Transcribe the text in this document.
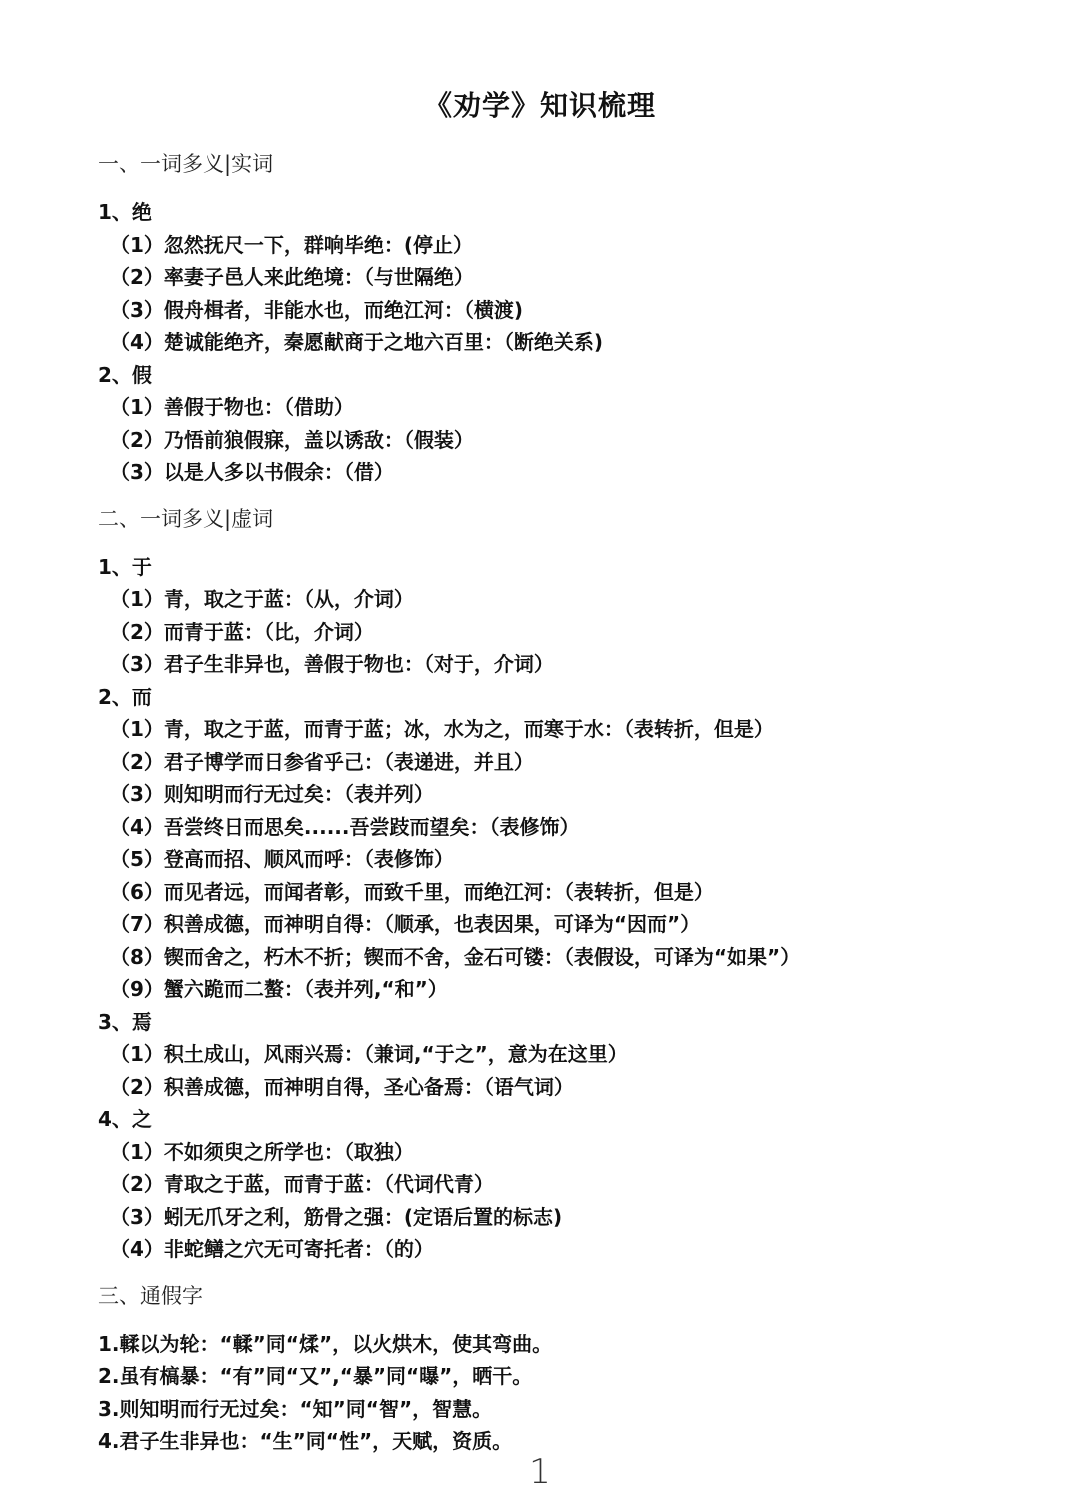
《劝学》知识梳理
一、一词多义|实词
1、绝
（1）忽然抚尺一下，群响毕绝：(停止）
（2）率妻子邑人来此绝境：（与世隔绝）
（3）假舟楫者，非能水也，而绝江河：（横渡)
（4）楚诚能绝齐，秦愿献商于之地六百里：（断绝关系)
2、假
（1）善假于物也：（借助）
（2）乃悟前狼假寐，盖以诱敌：（假装）
（3）以是人多以书假余：（借）
二、一词多义|虚词
1、于
（1）青，取之于蓝：（从，介词）
（2）而青于蓝：（比，介词）
（3）君子生非异也，善假于物也：（对于，介词）
2、而
（1）青，取之于蓝，而青于蓝；冰，水为之，而寒于水：（表转折，但是）
（2）君子博学而日参省乎己：（表递进，并且）
（3）则知明而行无过矣：（表并列）
（4）吾尝终日而思矣......吾尝跂而望矣：（表修饰）
（5）登高而招、顺风而呼：（表修饰）
（6）而见者远，而闻者彰，而致千里，而绝江河：（表转折，但是）
（7）积善成德，而神明自得：（顺承，也表因果，可译为“因而”）
（8）锲而舍之，朽木不折；锲而不舍，金石可镂：（表假设，可译为“如果”）
（9）蟹六跪而二螯：（表并列,“和”）
3、焉
（1）积土成山，风雨兴焉：（兼词,“于之”，意为在这里）
（2）积善成德，而神明自得，圣心备焉：（语气词）
4、之
（1）不如须臾之所学也：（取独）
（2）青取之于蓝，而青于蓝：（代词代青）
（3）蚓无爪牙之利，筋骨之强：(定语后置的标志)
（4）非蛇鳝之穴无可寄托者：（的）
三、通假字
1.輮以为轮：“輮”同“煣”，以火烘木，使其弯曲。
2.虽有槁暴：“有”同“又”,“暴”同“曝”，晒干。
3.则知明而行无过矣：“知”同“智”，智慧。
4.君子生非异也：“生”同“性”，天赋，资质。
1
